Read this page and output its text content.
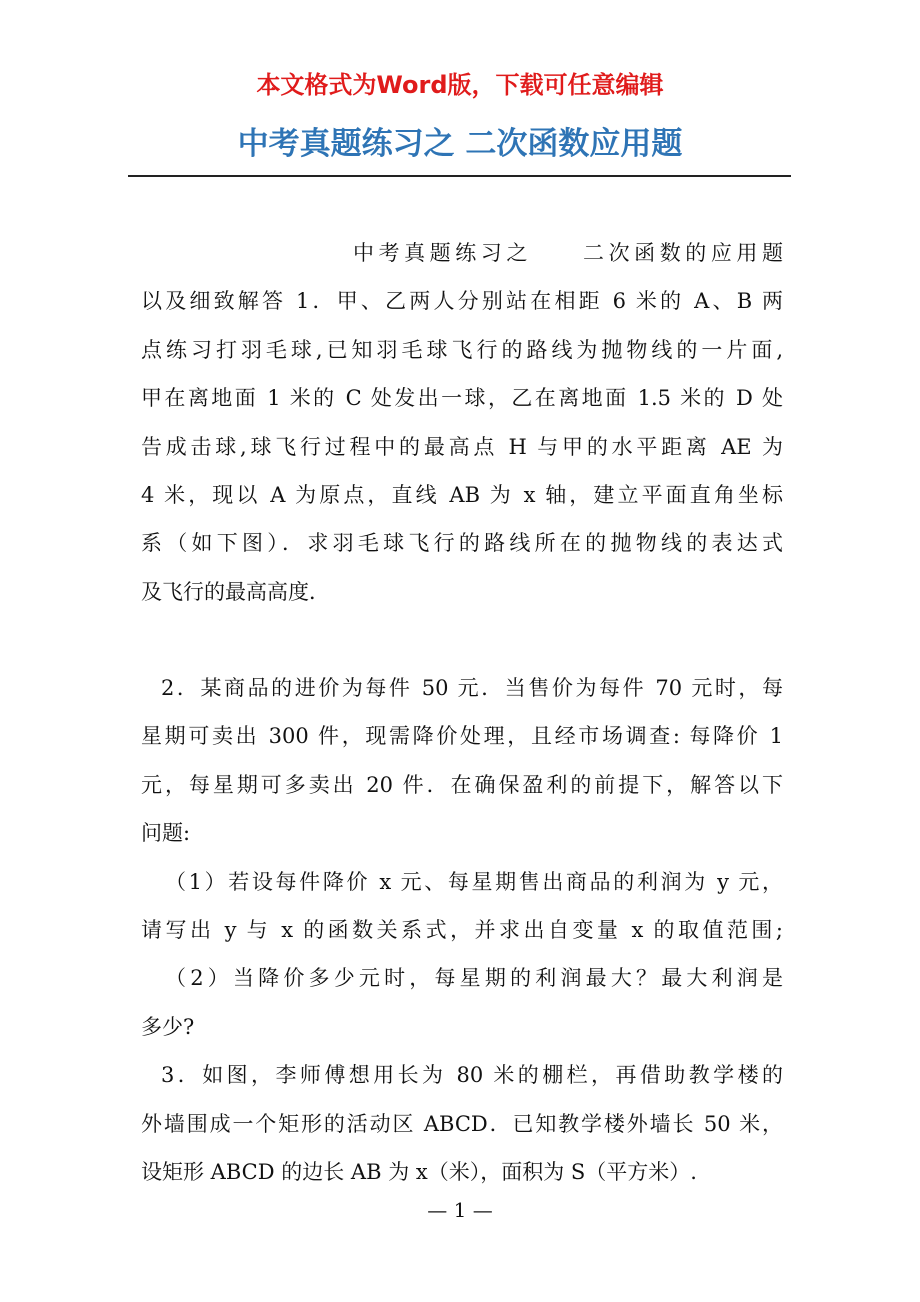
本文格式为Word版，下载可任意编辑
中考真题练习之 二次函数应用题
中考真题练习之　　二次函数的应用题
以及细致解答 1．甲、乙两人分别站在相距 6 米的 A、B 两
点练习打羽毛球,已知羽毛球飞行的路线为抛物线的一片面,
甲在离地面 1 米的 C 处发出一球，乙在离地面 1.5 米的 D 处
告成击球,球飞行过程中的最高点 H 与甲的水平距离 AE 为
4 米，现以 A 为原点，直线 AB 为 x 轴，建立平面直角坐标
系（如下图）．求羽毛球飞行的路线所在的抛物线的表达式
及飞行的最高高度．
2．某商品的进价为每件 50 元．当售价为每件 70 元时，每
星期可卖出 300 件，现需降价处理，且经市场调查: 每降价 1
元，每星期可多卖出 20 件．在确保盈利的前提下，解答以下
问题:
（1）若设每件降价 x 元、每星期售出商品的利润为 y 元，
请写出 y 与 x 的函数关系式，并求出自变量 x 的取值范围;
（2）当降价多少元时，每星期的利润最大？最大利润是
多少?
3．如图，李师傅想用长为 80 米的棚栏，再借助教学楼的
外墙围成一个矩形的活动区 ABCD．已知教学楼外墙长 50 米，
设矩形 ABCD 的边长 AB 为 x（米），面积为 S（平方米）.
— 1 —
